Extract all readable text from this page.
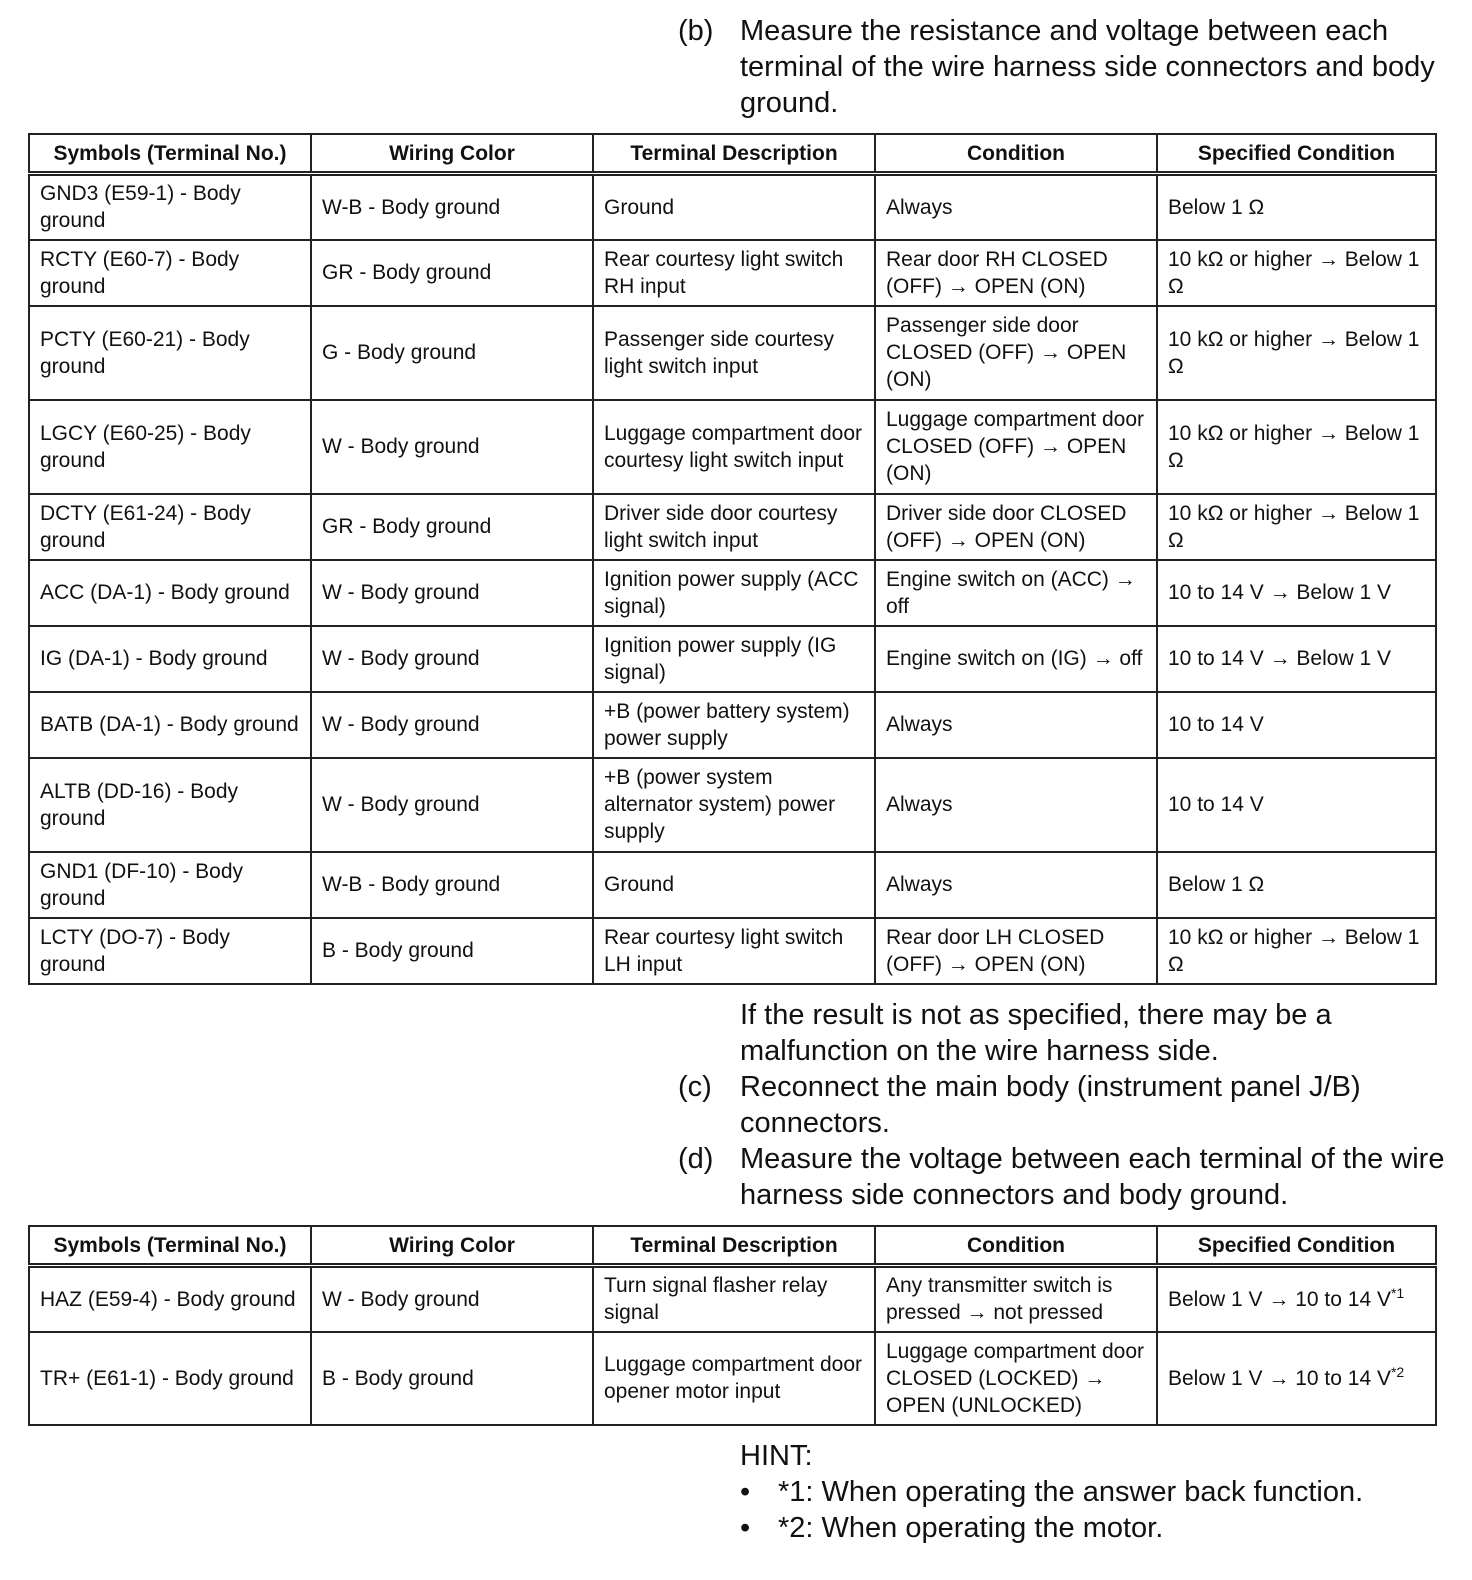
(b) Measure the resistance and voltage between each terminal of the wire harness side connectors and body ground.
Symbols (Terminal No.)	Wiring Color	Terminal Description	Condition	Specified Condition
GND3 (E59-1) - Body ground	W-B - Body ground	Ground	Always	Below 1 Ω
RCTY (E60-7) - Body ground	GR - Body ground	Rear courtesy light switch RH input	Rear door RH CLOSED (OFF) → OPEN (ON)	10 kΩ or higher → Below 1 Ω
PCTY (E60-21) - Body ground	G - Body ground	Passenger side courtesy light switch input	Passenger side door CLOSED (OFF) → OPEN (ON)	10 kΩ or higher → Below 1 Ω
LGCY (E60-25) - Body ground	W - Body ground	Luggage compartment door courtesy light switch input	Luggage compartment door CLOSED (OFF) → OPEN (ON)	10 kΩ or higher → Below 1 Ω
DCTY (E61-24) - Body ground	GR - Body ground	Driver side door courtesy light switch input	Driver side door CLOSED (OFF) → OPEN (ON)	10 kΩ or higher → Below 1 Ω
ACC (DA-1) - Body ground	W - Body ground	Ignition power supply (ACC signal)	Engine switch on (ACC) → off	10 to 14 V → Below 1 V
IG (DA-1) - Body ground	W - Body ground	Ignition power supply (IG signal)	Engine switch on (IG) → off	10 to 14 V → Below 1 V
BATB (DA-1) - Body ground	W - Body ground	+B (power battery system) power supply	Always	10 to 14 V
ALTB (DD-16) - Body ground	W - Body ground	+B (power system alternator system) power supply	Always	10 to 14 V
GND1 (DF-10) - Body ground	W-B - Body ground	Ground	Always	Below 1 Ω
LCTY (DO-7) - Body ground	B - Body ground	Rear courtesy light switch LH input	Rear door LH CLOSED (OFF) → OPEN (ON)	10 kΩ or higher → Below 1 Ω
If the result is not as specified, there may be a malfunction on the wire harness side.
(c) Reconnect the main body (instrument panel J/B) connectors.
(d) Measure the voltage between each terminal of the wire harness side connectors and body ground.
Symbols (Terminal No.)	Wiring Color	Terminal Description	Condition	Specified Condition
HAZ (E59-4) - Body ground	W - Body ground	Turn signal flasher relay signal	Any transmitter switch is pressed → not pressed	Below 1 V → 10 to 14 $V^{*1}$
TR+ (E61-1) - Body ground	B - Body ground	Luggage compartment door opener motor input	Luggage compartment door CLOSED (LOCKED) → OPEN (UNLOCKED)	Below 1 V → 10 to 14 $V^{*2}$
HINT:
• *1: When operating the answer back function.
• *2: When operating the motor.
